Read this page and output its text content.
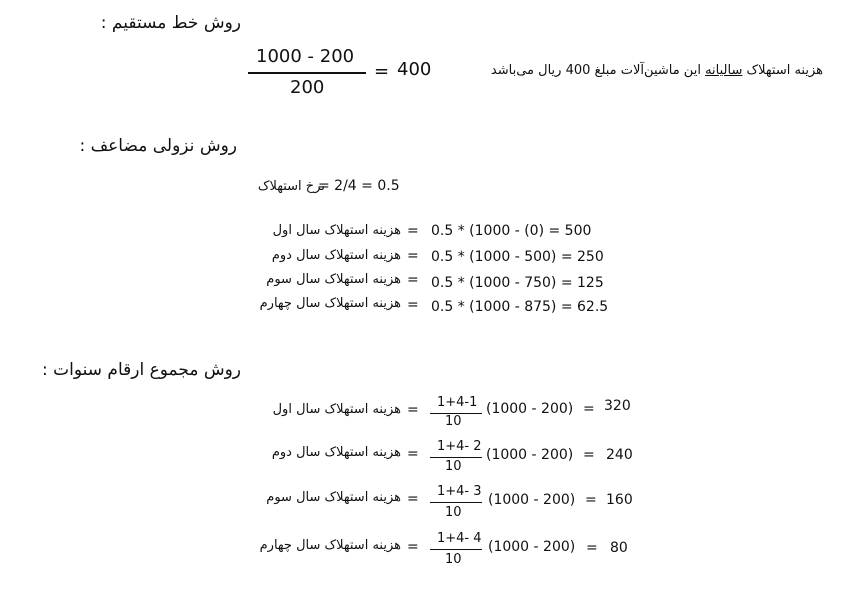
روش خط مستقیم :
1000 - 200
200
= 400	هزینه استهلاک سالیانه این ماشین‌آلات مبلغ 400 ریال می‌باشد
روش نزولی مضاعف :
= 2/4 = 0.5
نرخ استهلاک
هزینه استهلاک سال اول = 0.5 * (1000 - (0) = 500
هزینه استهلاک سال دوم = 0.5 * (1000 - 500) = 250
هزینه استهلاک سال سوم = 0.5 * (1000 - 750) = 125
هزینه استهلاک سال چهارم = 0.5 * (1000 - 875) = 62.5
روش مجموع ارقام سنوات :
هزینه استهلاک سال اول = 1+4-1
10
(1000 - 200) = 320
هزینه استهلاک سال دوم = 1+4- 2
10
(1000 - 200) = 240
هزینه استهلاک سال سوم = 1+4- 3
10
(1000 - 200) = 160
هزینه استهلاک سال چهارم =
1+4- 4
10
(1000 - 200) = 80
